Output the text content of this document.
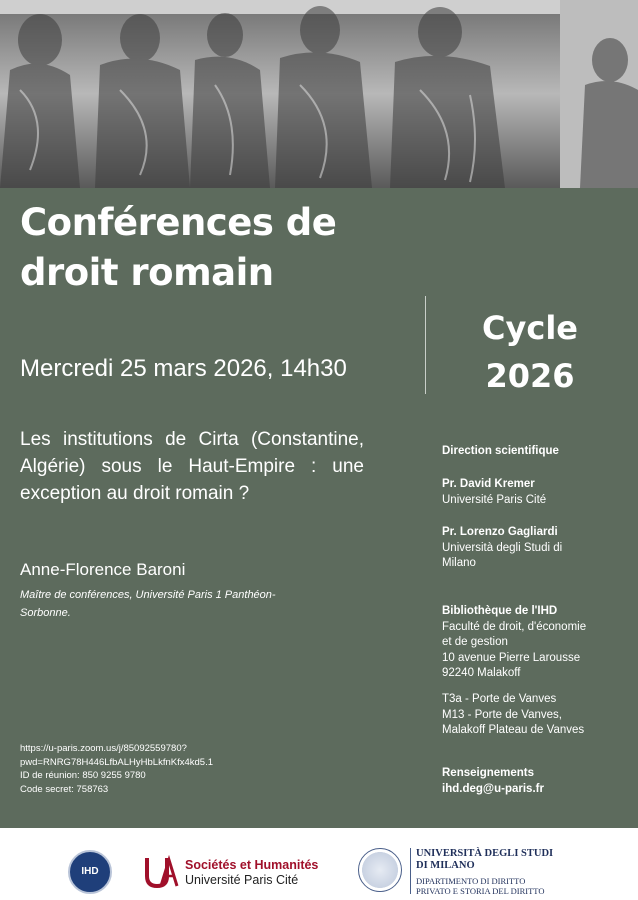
Conférences de
droit romain
Mercredi 25 mars 2026, 14h30
Les institutions de Cirta (Constantine, Algérie) sous le Haut-Empire : une exception au droit romain ?
Anne-Florence Baroni
Maître de conférences, Université Paris 1 Panthéon-
Sorbonne.
https://u-paris.zoom.us/j/85092559780?
pwd=RNRG78H446LfbALHyHbLkfnKfx4kd5.1
ID de réunion: 850 9255 9780
Code secret: 758763
Cycle
2026
Direction scientifique
Pr. David Kremer
Université Paris Cité
Pr. Lorenzo Gagliardi
Università degli Studi di
Milano
Bibliothèque de l'IHD
Faculté de droit, d'économie
et de gestion
10 avenue Pierre Larousse
92240 Malakoff
T3a - Porte de Vanves
M13 - Porte de Vanves,
Malakoff Plateau de Vanves
Renseignements
ihd.deg@u-paris.fr
IHD	Sociétés et Humanités
Université Paris Cité
UNIVERSITÀ DEGLI STUDI
DI MILANO
DIPARTIMENTO DI DIRITTO
PRIVATO E STORIA DEL DIRITTO
